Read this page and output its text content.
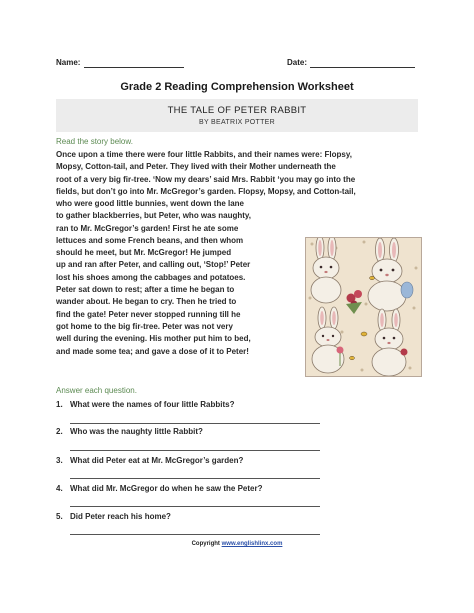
Name:	Date:
Grade 2 Reading Comprehension Worksheet
THE TALE OF PETER RABBIT
BY BEATRIX POTTER
Read the story below.
Once upon a time there were four little Rabbits, and their names were: Flopsy,
Mopsy, Cotton-tail, and Peter. They lived with their Mother underneath the
root of a very big fir-tree. ‘Now my dears’ said Mrs. Rabbit ‘you may go into the
fields, but don’t go into Mr. McGregor’s garden. Flopsy, Mopsy, and Cotton-tail,
who were good little bunnies, went down the lane
to gather blackberries, but Peter, who was naughty,
ran to Mr. McGregor’s garden! First he ate some
lettuces and some French beans, and then whom
should he meet, but Mr. McGregor! He jumped
up and ran after Peter, and calling out, ‘Stop!’ Peter
lost his shoes among the cabbages and potatoes.
Peter sat down to rest; after a time he began to
wander about. He began to cry. Then he tried to
find the gate! Peter never stopped running till he
got home to the big fir-tree. Peter was not very
well during the evening. His mother put him to bed,
and made some tea; and gave a dose of it to Peter!
Answer each question.
1. What were the names of four little Rabbits?
2. Who was the naughty little Rabbit?
3. What did Peter eat at Mr. McGregor’s garden?
4. What did Mr. McGregor do when he saw the Peter?
5. Did Peter reach his home?
Copyright www.englishlinx.com
